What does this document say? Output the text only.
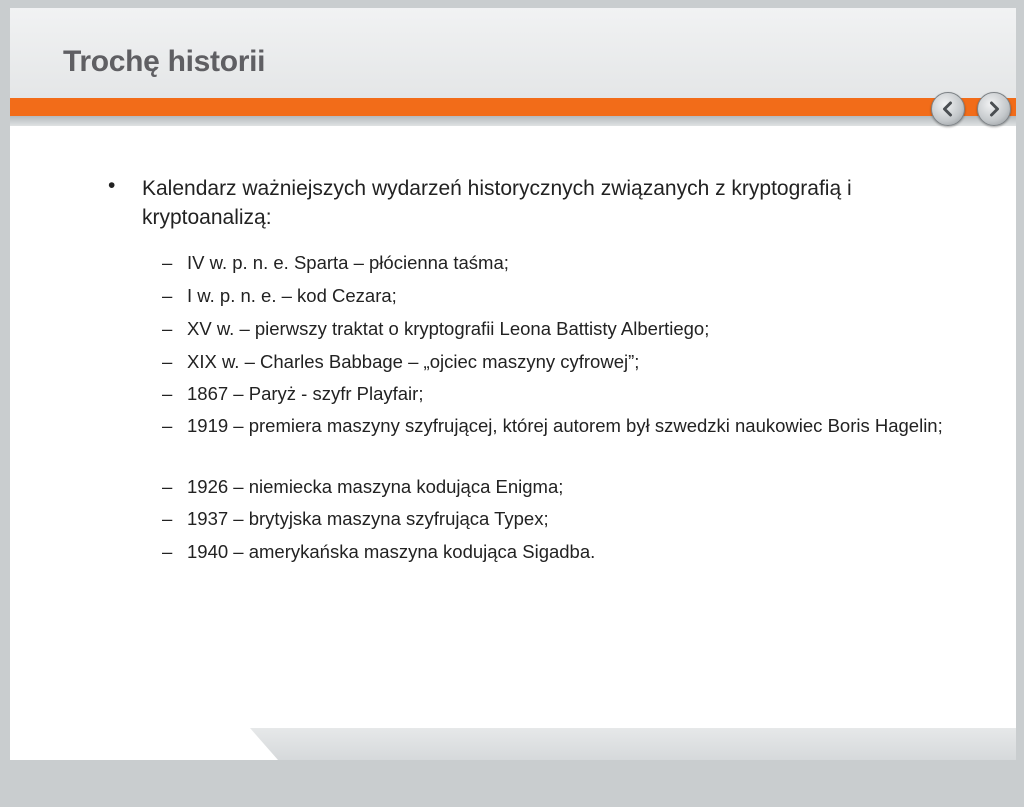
Trochę historii
• Kalendarz ważniejszych wydarzeń historycznych związanych z kryptografią i kryptoanalizą:
– IV w. p. n. e. Sparta – płócienna taśma;
– I w. p. n. e. – kod Cezara;
– XV w. – pierwszy traktat o kryptografii Leona Battisty Albertiego;
– XIX w. – Charles Babbage – „ojciec maszyny cyfrowej”;
– 1867 – Paryż - szyfr Playfair;
– 1919 – premiera maszyny szyfrującej, której autorem był szwedzki naukowiec Boris Hagelin;
– 1926 – niemiecka maszyna kodująca Enigma;
– 1937 – brytyjska maszyna szyfrująca Typex;
– 1940 – amerykańska maszyna kodująca Sigadba.
